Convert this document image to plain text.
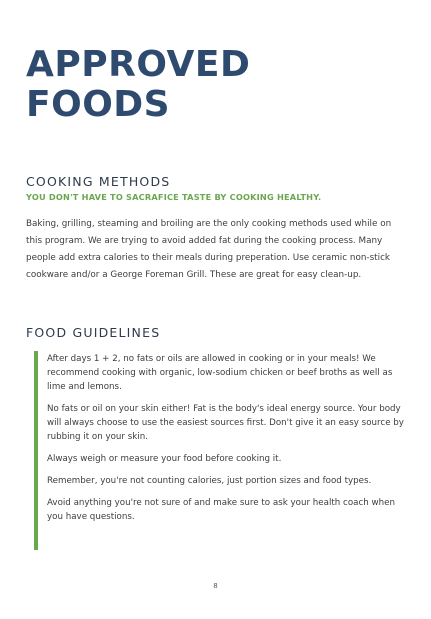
APPROVED
FOODS
COOKING METHODS

YOU DON'T HAVE TO SACRAFICE TASTE BY COOKING HEALTHY.

Baking, grilling, steaming and broiling are the only cooking methods used while on this program. We are trying to avoid added fat during the cooking process. Many people add extra calories to their meals during preperation. Use ceramic non-stick cookware and/or a George Foreman Grill. These are great for easy clean-up.

FOOD GUIDELINES

After days 1 + 2, no fats or oils are allowed in cooking or in your meals! We recommend cooking with organic, low-sodium chicken or beef broths as well as lime and lemons.

No fats or oil on your skin either! Fat is the body's ideal energy source. Your body will always choose to use the easiest sources first. Don't give it an easy source by rubbing it on your skin.

Always weigh or measure your food before cooking it.

Remember, you're not counting calories, just portion sizes and food types.

Avoid anything you're not sure of and make sure to ask your health coach when you have questions.

8
